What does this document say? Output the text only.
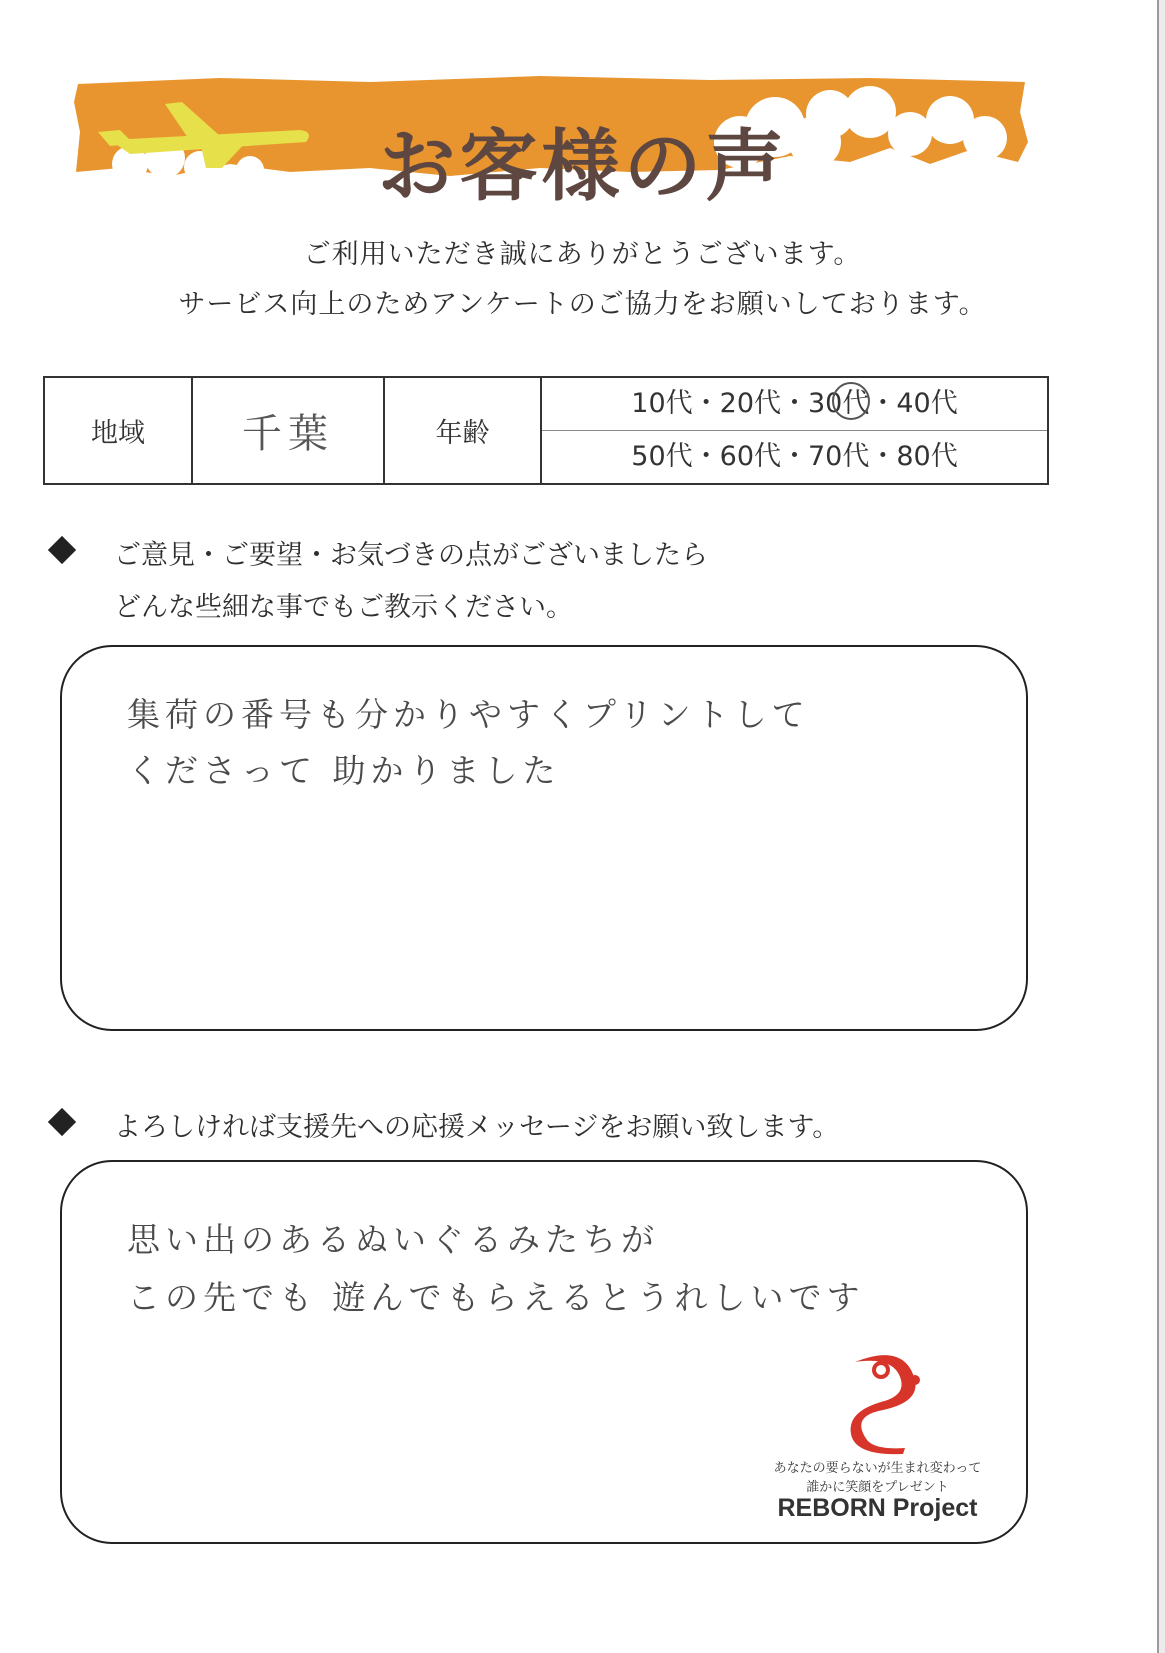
お客様の声
ご利用いただき誠にありがとうございます。
サービス向上のためアンケートのご協力をお願いしております。
地域	千葉	年齢	
10代・20代・30代・40代
50代・60代・70代・80代
ご意見・ご要望・お気づきの点がございましたら
どんな些細な事でもご教示ください。
集荷の番号も分かりやすくプリントして
くださって 助かりました
よろしければ支援先への応援メッセージをお願い致します。
思い出のあるぬいぐるみたちが
この先でも 遊んでもらえるとうれしいです
あなたの要らないが生まれ変わって
誰かに笑顔をプレゼント
REBORN Project
